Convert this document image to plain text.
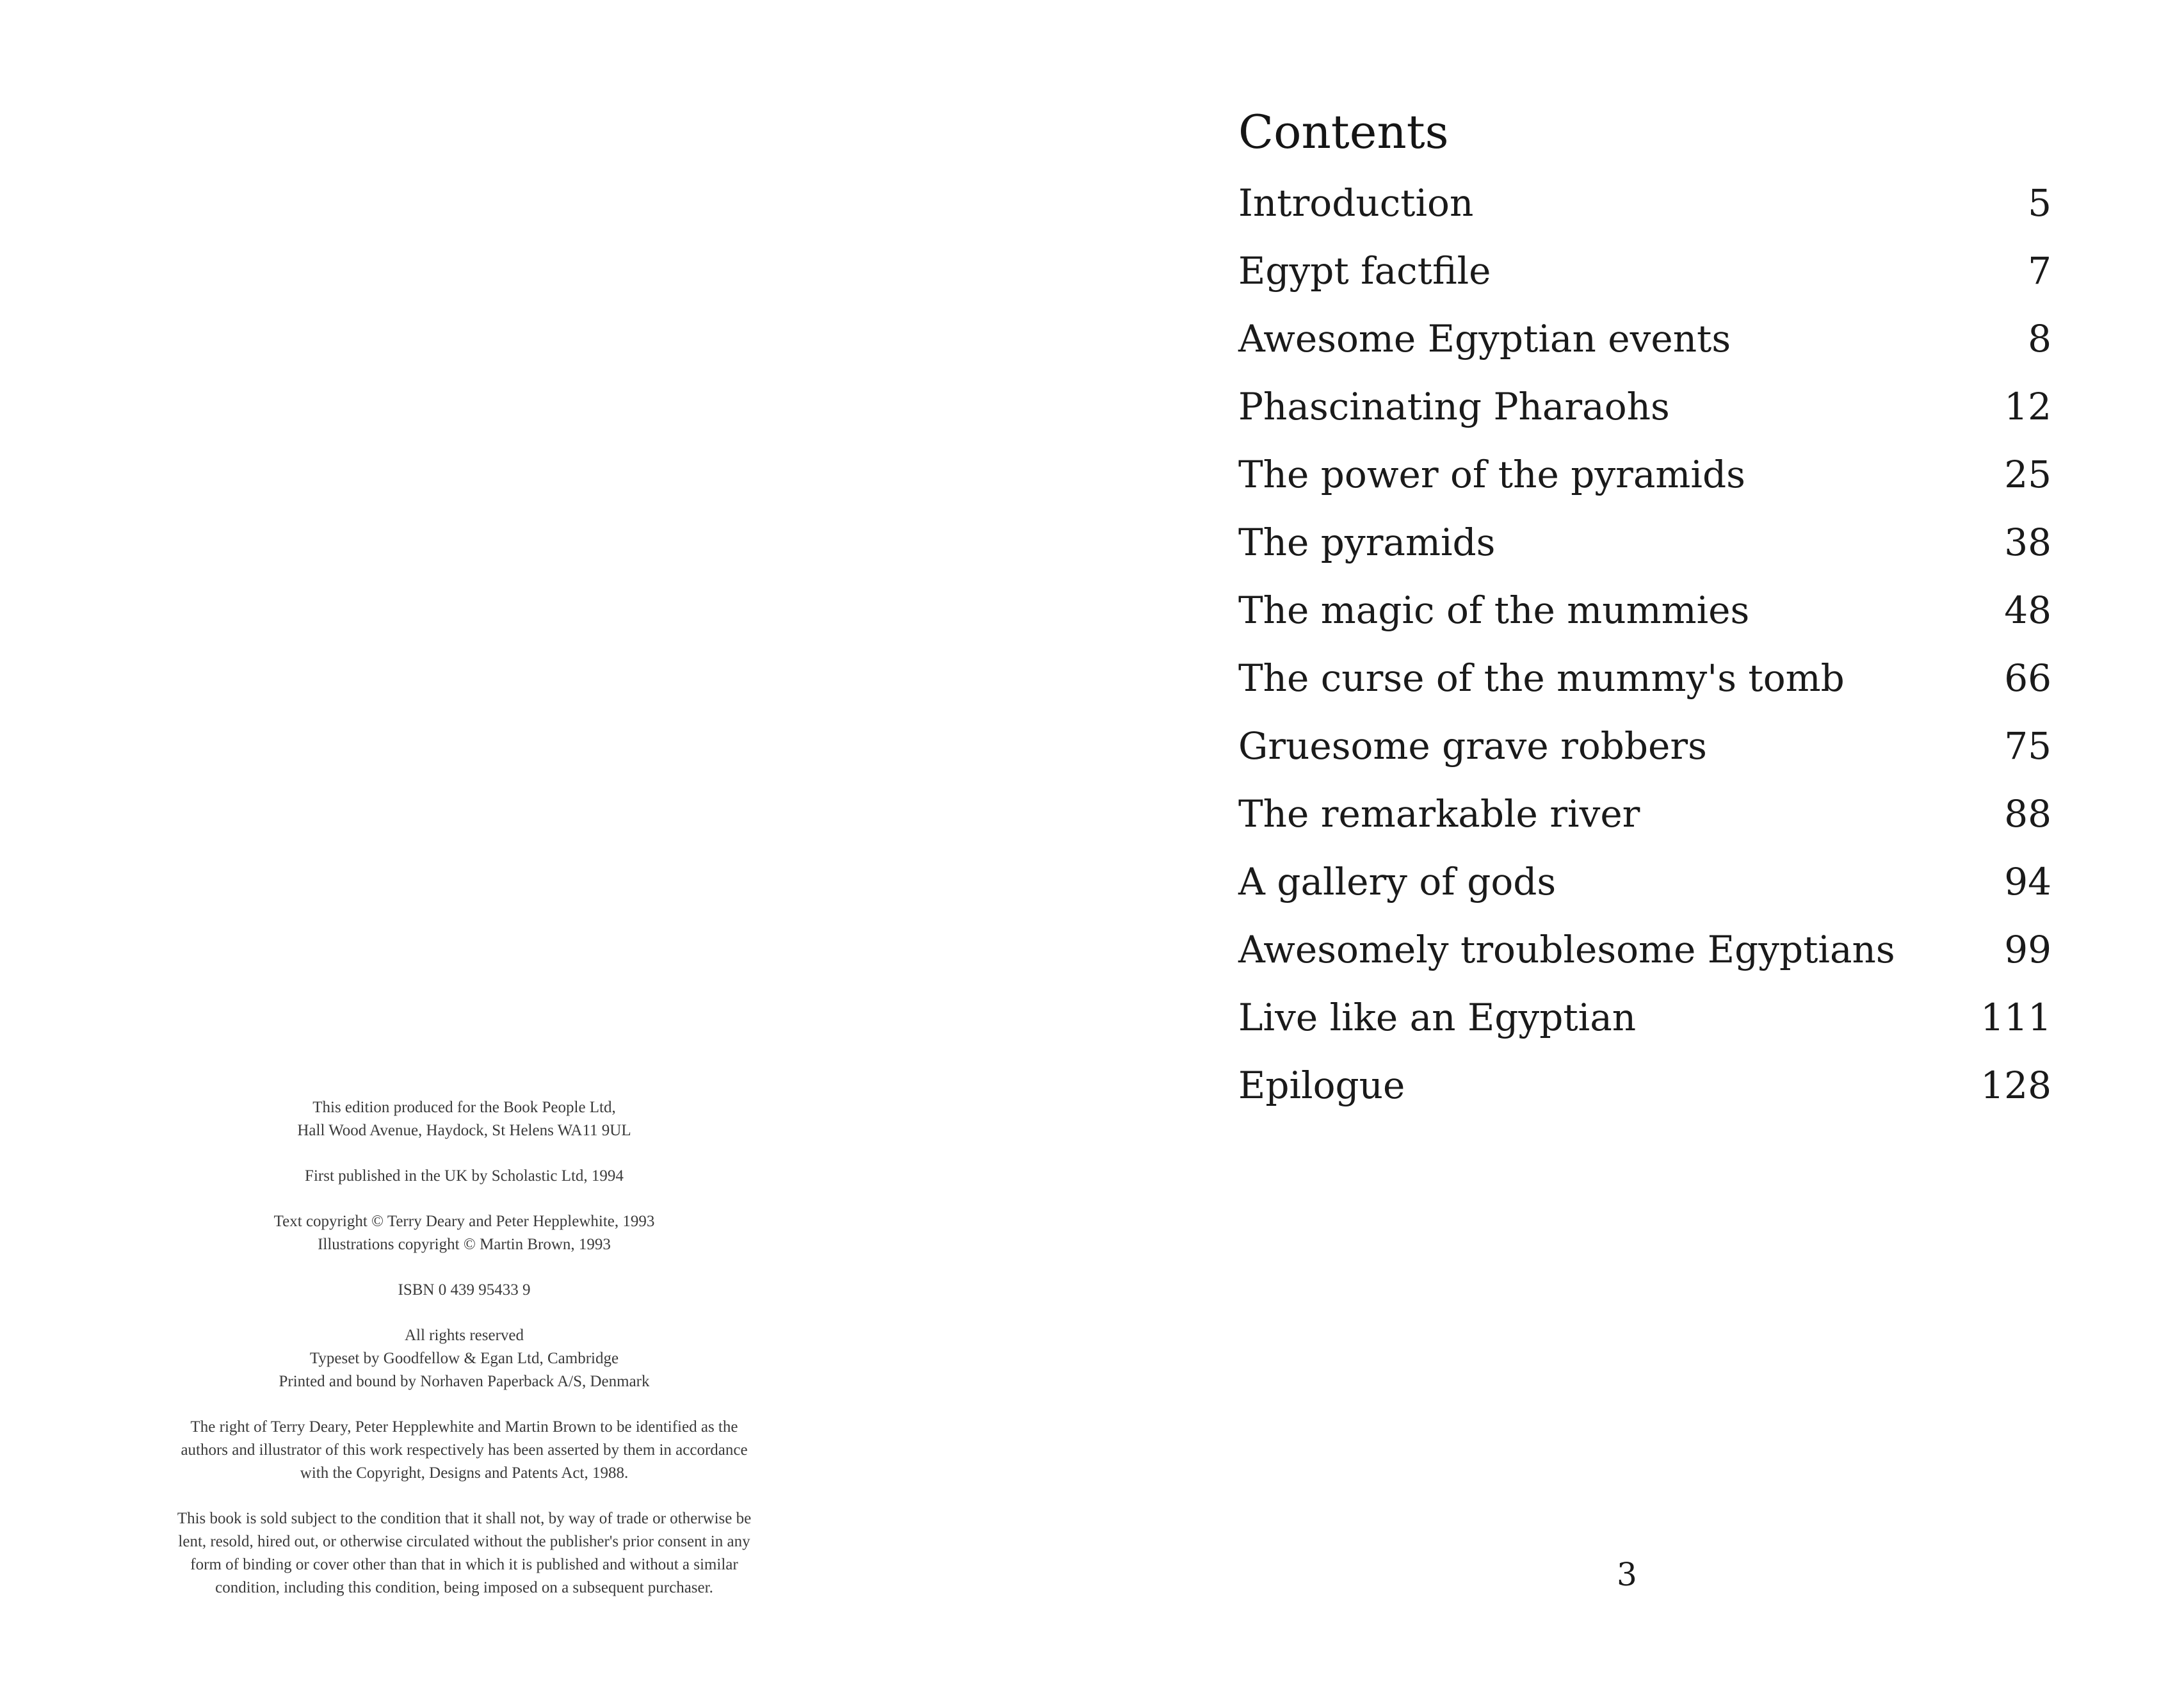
This edition produced for the Book People Ltd,
Hall Wood Avenue, Haydock, St Helens WA11 9UL

First published in the UK by Scholastic Ltd, 1994

Text copyright © Terry Deary and Peter Hepplewhite, 1993
Illustrations copyright © Martin Brown, 1993

ISBN 0 439 95433 9

All rights reserved
Typeset by Goodfellow & Egan Ltd, Cambridge
Printed and bound by Norhaven Paperback A/S, Denmark

The right of Terry Deary, Peter Hepplewhite and Martin Brown to be identified as the
authors and illustrator of this work respectively has been asserted by them in accordance
with the Copyright, Designs and Patents Act, 1988.

This book is sold subject to the condition that it shall not, by way of trade or otherwise be
lent, resold, hired out, or otherwise circulated without the publisher's prior consent in any
form of binding or cover other than that in which it is published and without a similar
condition, including this condition, being imposed on a subsequent purchaser.

Contents
Introduction	5
Egypt factfile	7
Awesome Egyptian events	8
Phascinating Pharaohs	12
The power of the pyramids	25
The pyramids	38
The magic of the mummies	48
The curse of the mummy's tomb	66
Gruesome grave robbers	75
The remarkable river	88
A gallery of gods	94
Awesomely troublesome Egyptians	99
Live like an Egyptian	111
Epilogue	128
3
